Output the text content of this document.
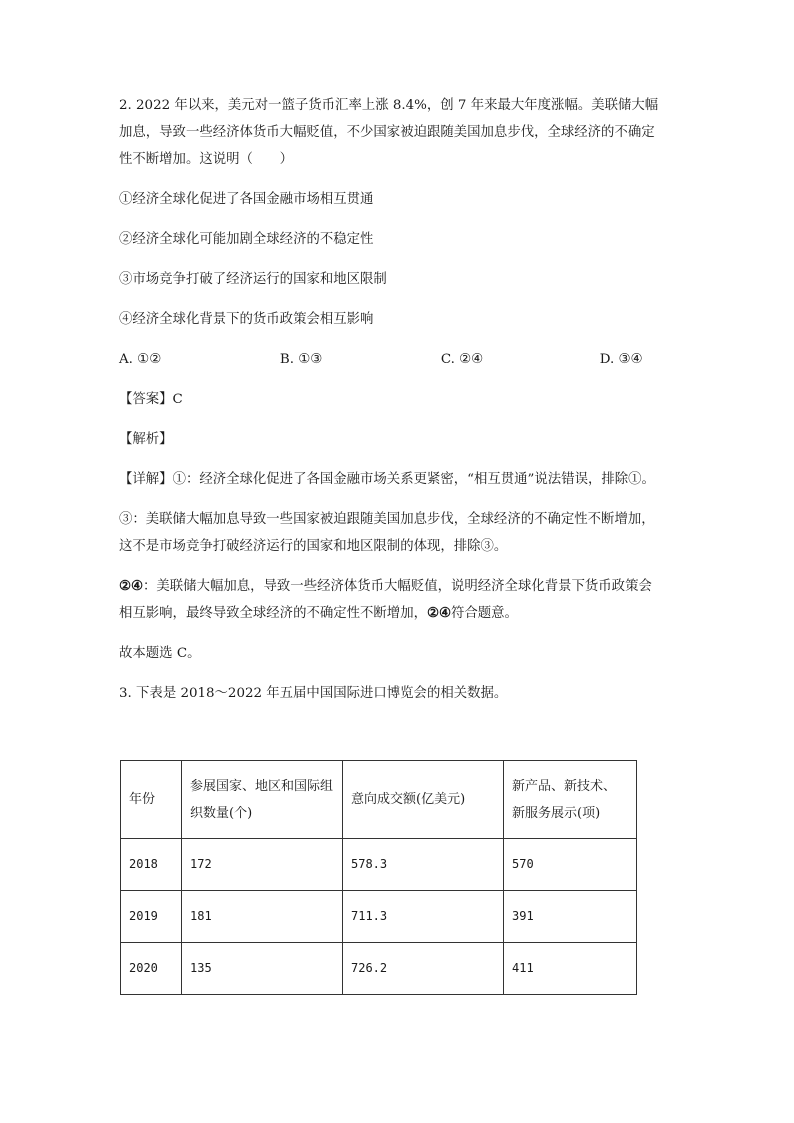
2. 2022 年以来，美元对一篮子货币汇率上涨 8.4%，创 7 年来最大年度涨幅。美联储大幅加息，导致一些经济体货币大幅贬值，不少国家被迫跟随美国加息步伐，全球经济的不确定性不断增加。这说明（　　）

①经济全球化促进了各国金融市场相互贯通

②经济全球化可能加剧全球经济的不稳定性

③市场竞争打破了经济运行的国家和地区限制

④经济全球化背景下的货币政策会相互影响

A. ①②	B. ①③	C. ②④	D. ③④

【答案】C

【解析】

【详解】①：经济全球化促进了各国金融市场关系更紧密，“相互贯通”说法错误，排除①。

③：美联储大幅加息导致一些国家被迫跟随美国加息步伐，全球经济的不确定性不断增加，这不是市场竞争打破经济运行的国家和地区限制的体现，排除③。

②④：美联储大幅加息，导致一些经济体货币大幅贬值，说明经济全球化背景下货币政策会相互影响，最终导致全球经济的不确定性不断增加，②④符合题意。

故本题选 C。

3. 下表是 2018～2022 年五届中国国际进口博览会的相关数据。

年份	参展国家、地区和国际组织数量(个)	意向成交额(亿美元)	新产品、新技术、新服务展示(项)
2018	172	578.3	570
2019	181	711.3	391
2020	135	726.2	411
